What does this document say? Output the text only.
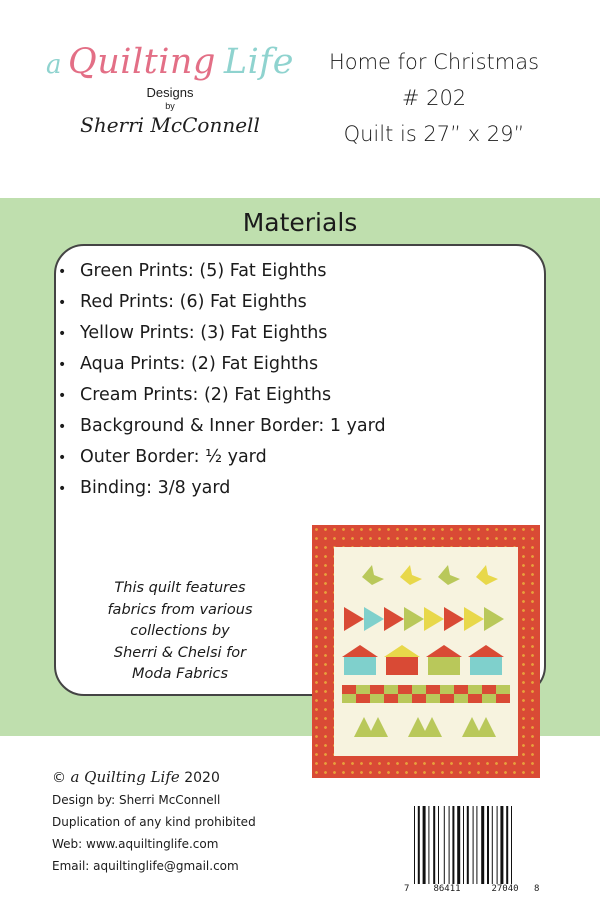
a Quilting Life
Designs
by
Sherri McConnell
Home for Christmas
# 202
Quilt is 27” x 29”
Materials
• Green Prints: (5) Fat Eighths
• Red Prints: (6) Fat Eighths
• Yellow Prints: (3) Fat Eighths
• Aqua Prints: (2) Fat Eighths
• Cream Prints: (2) Fat Eighths
• Background & Inner Border: 1 yard
• Outer Border: ½ yard
• Binding: 3/8 yard
This quilt features
fabrics from various
collections by
Sherri & Chelsi for
Moda Fabrics
© a Quilting Life 2020
Design by: Sherri McConnell
Duplication of any kind prohibited
Web: www.aquiltinglife.com
Email: aquiltinglife@gmail.com
7	86411	27040 8
